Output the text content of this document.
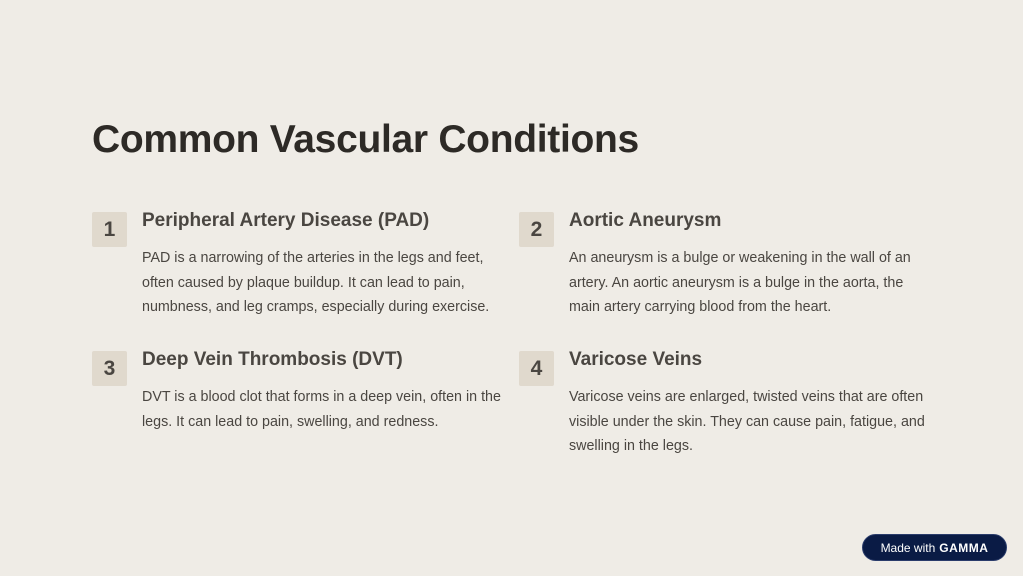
Common Vascular Conditions
1	Peripheral Artery Disease (PAD)

PAD is a narrowing of the arteries in the legs and feet, often caused by plaque buildup. It can lead to pain, numbness, and leg cramps, especially during exercise.

2	Aortic Aneurysm

An aneurysm is a bulge or weakening in the wall of an artery. An aortic aneurysm is a bulge in the aorta, the main artery carrying blood from the heart.

3	Deep Vein Thrombosis (DVT)

DVT is a blood clot that forms in a deep vein, often in the legs. It can lead to pain, swelling, and redness.

4	Varicose Veins

Varicose veins are enlarged, twisted veins that are often visible under the skin. They can cause pain, fatigue, and swelling in the legs.

Made with GAMMA
